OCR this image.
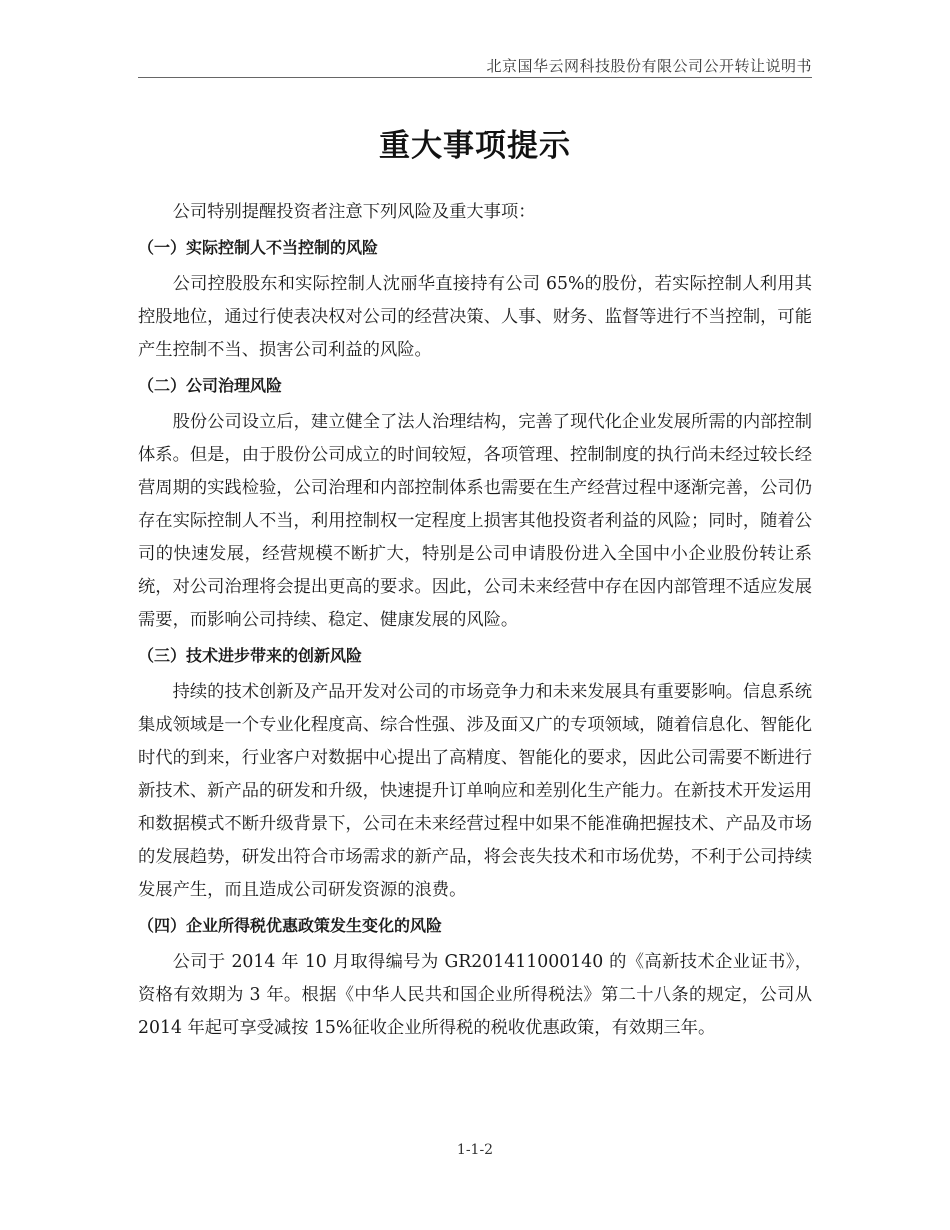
北京国华云网科技股份有限公司公开转让说明书
重大事项提示

公司特别提醒投资者注意下列风险及重大事项：

（一）实际控制人不当控制的风险

公司控股股东和实际控制人沈丽华直接持有公司 65%的股份，若实际控制人利用其控股地位，通过行使表决权对公司的经营决策、人事、财务、监督等进行不当控制，可能产生控制不当、损害公司利益的风险。

（二）公司治理风险

股份公司设立后，建立健全了法人治理结构，完善了现代化企业发展所需的内部控制体系。但是，由于股份公司成立的时间较短，各项管理、控制制度的执行尚未经过较长经营周期的实践检验，公司治理和内部控制体系也需要在生产经营过程中逐渐完善，公司仍存在实际控制人不当，利用控制权一定程度上损害其他投资者利益的风险；同时，随着公司的快速发展，经营规模不断扩大，特别是公司申请股份进入全国中小企业股份转让系统，对公司治理将会提出更高的要求。因此，公司未来经营中存在因内部管理不适应发展需要，而影响公司持续、稳定、健康发展的风险。

（三）技术进步带来的创新风险

持续的技术创新及产品开发对公司的市场竞争力和未来发展具有重要影响。信息系统集成领域是一个专业化程度高、综合性强、涉及面又广的专项领域，随着信息化、智能化时代的到来，行业客户对数据中心提出了高精度、智能化的要求，因此公司需要不断进行新技术、新产品的研发和升级，快速提升订单响应和差别化生产能力。在新技术开发运用和数据模式不断升级背景下，公司在未来经营过程中如果不能准确把握技术、产品及市场的发展趋势，研发出符合市场需求的新产品，将会丧失技术和市场优势，不利于公司持续发展产生，而且造成公司研发资源的浪费。

（四）企业所得税优惠政策发生变化的风险

公司于 2014 年 10 月取得编号为 GR201411000140 的《高新技术企业证书》，资格有效期为 3 年。根据《中华人民共和国企业所得税法》第二十八条的规定，公司从 2014 年起可享受减按 15%征收企业所得税的税收优惠政策，有效期三年。

1-1-2
